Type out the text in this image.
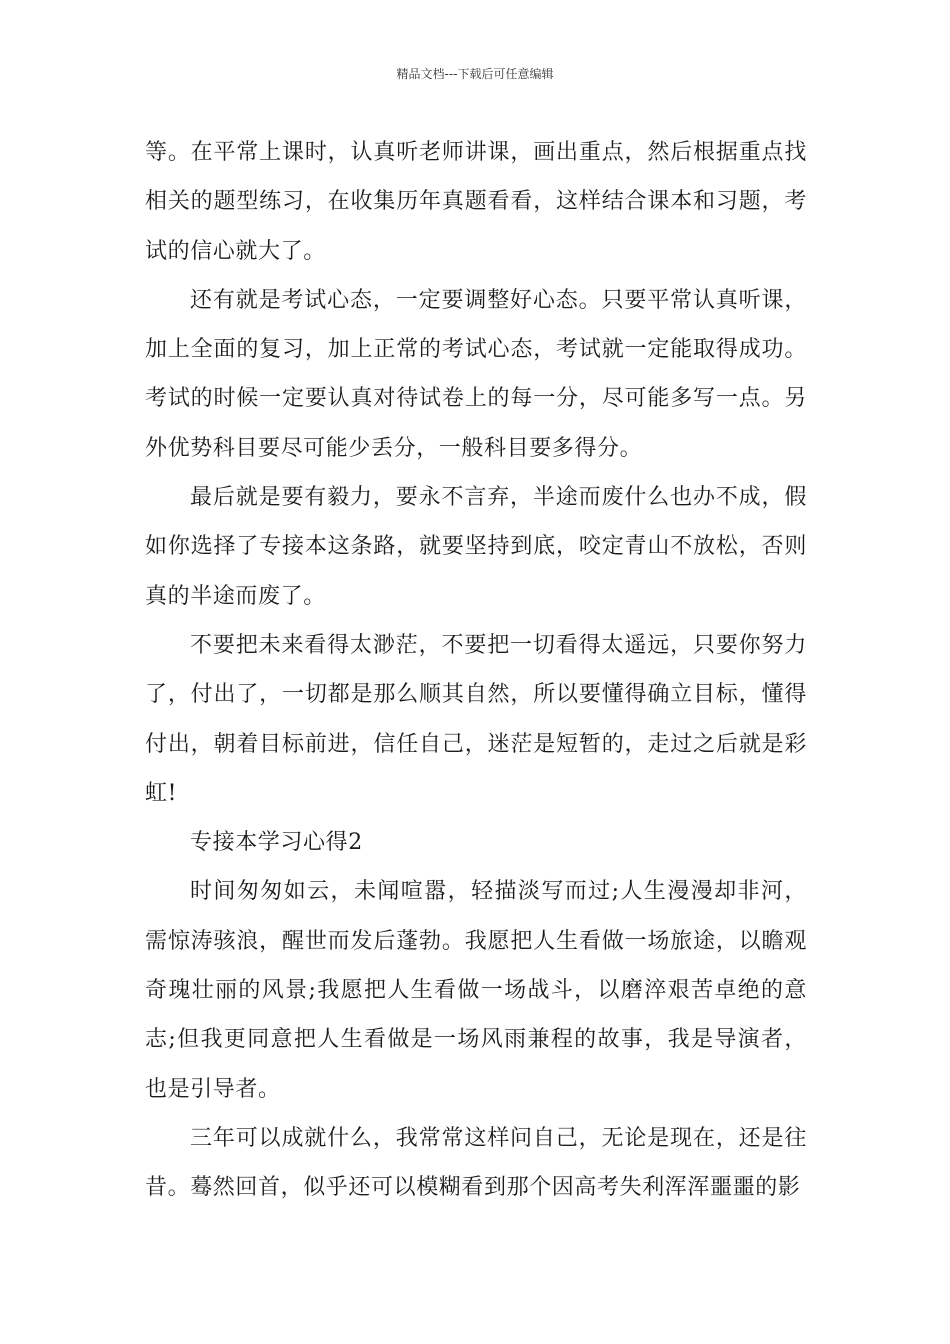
精品文档---下载后可任意编辑

等。在平常上课时，认真听老师讲课，画出重点，然后根据重点找相关的题型练习，在收集历年真题看看，这样结合课本和习题，考试的信心就大了。

还有就是考试心态，一定要调整好心态。只要平常认真听课，加上全面的复习，加上正常的考试心态，考试就一定能取得成功。考试的时候一定要认真对待试卷上的每一分，尽可能多写一点。另外优势科目要尽可能少丢分，一般科目要多得分。

最后就是要有毅力，要永不言弃，半途而废什么也办不成，假如你选择了专接本这条路，就要坚持到底，咬定青山不放松，否则真的半途而废了。

不要把未来看得太渺茫，不要把一切看得太遥远，只要你努力了，付出了，一切都是那么顺其自然，所以要懂得确立目标，懂得付出，朝着目标前进，信任自己，迷茫是短暂的，走过之后就是彩虹!

专接本学习心得2

时间匆匆如云，未闻喧嚣，轻描淡写而过;人生漫漫却非河，需惊涛骇浪，醒世而发后蓬勃。我愿把人生看做一场旅途，以瞻观奇瑰壮丽的风景;我愿把人生看做一场战斗，以磨淬艰苦卓绝的意志;但我更同意把人生看做是一场风雨兼程的故事，我是导演者，也是引导者。

三年可以成就什么，我常常这样问自己，无论是现在，还是往昔。蓦然回首，似乎还可以模糊看到那个因高考失利浑浑噩噩的影
